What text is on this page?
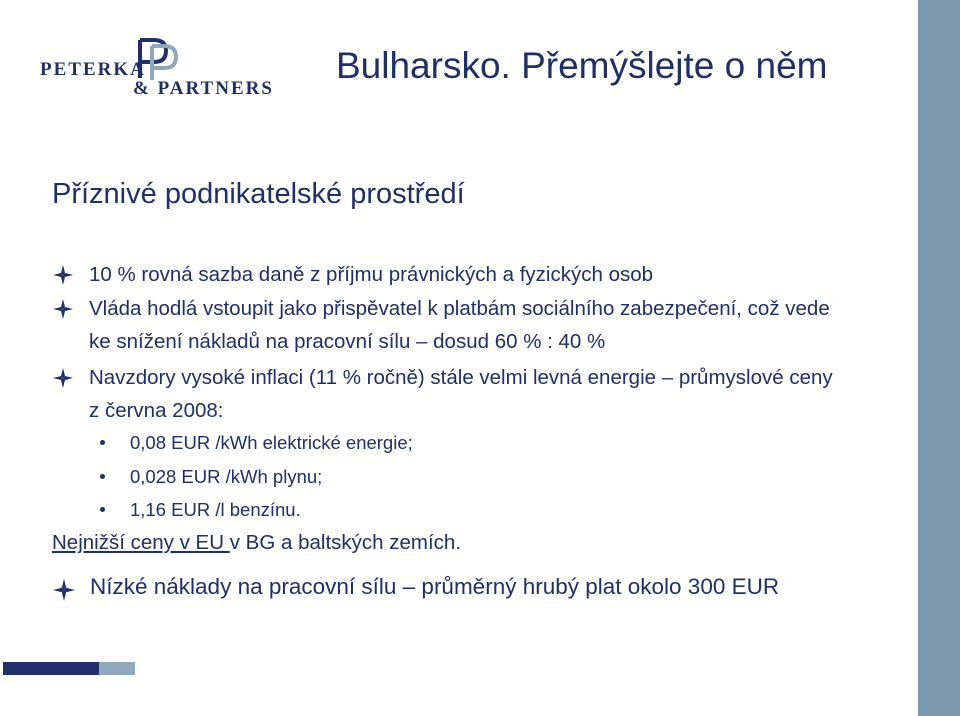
PETERKA
& PARTNERS
Bulharsko. Přemýšlejte o něm
Příznivé podnikatelské prostředí
10 % rovná sazba daně z příjmu právnických a fyzických osob
Vláda hodlá vstoupit jako přispěvatel k platbám sociálního zabezpečení, což vede ke snížení nákladů na pracovní sílu – dosud 60 % : 40 %
Navzdory vysoké inflaci (11 % ročně) stále velmi levná energie – průmyslové ceny z června 2008:
0,08 EUR /kWh elektrické energie;
0,028 EUR /kWh plynu;
1,16 EUR /l benzínu.
Nejnižší ceny v EU v BG a baltských zemích.
Nízké náklady na pracovní sílu – průměrný hrubý plat okolo 300 EUR
